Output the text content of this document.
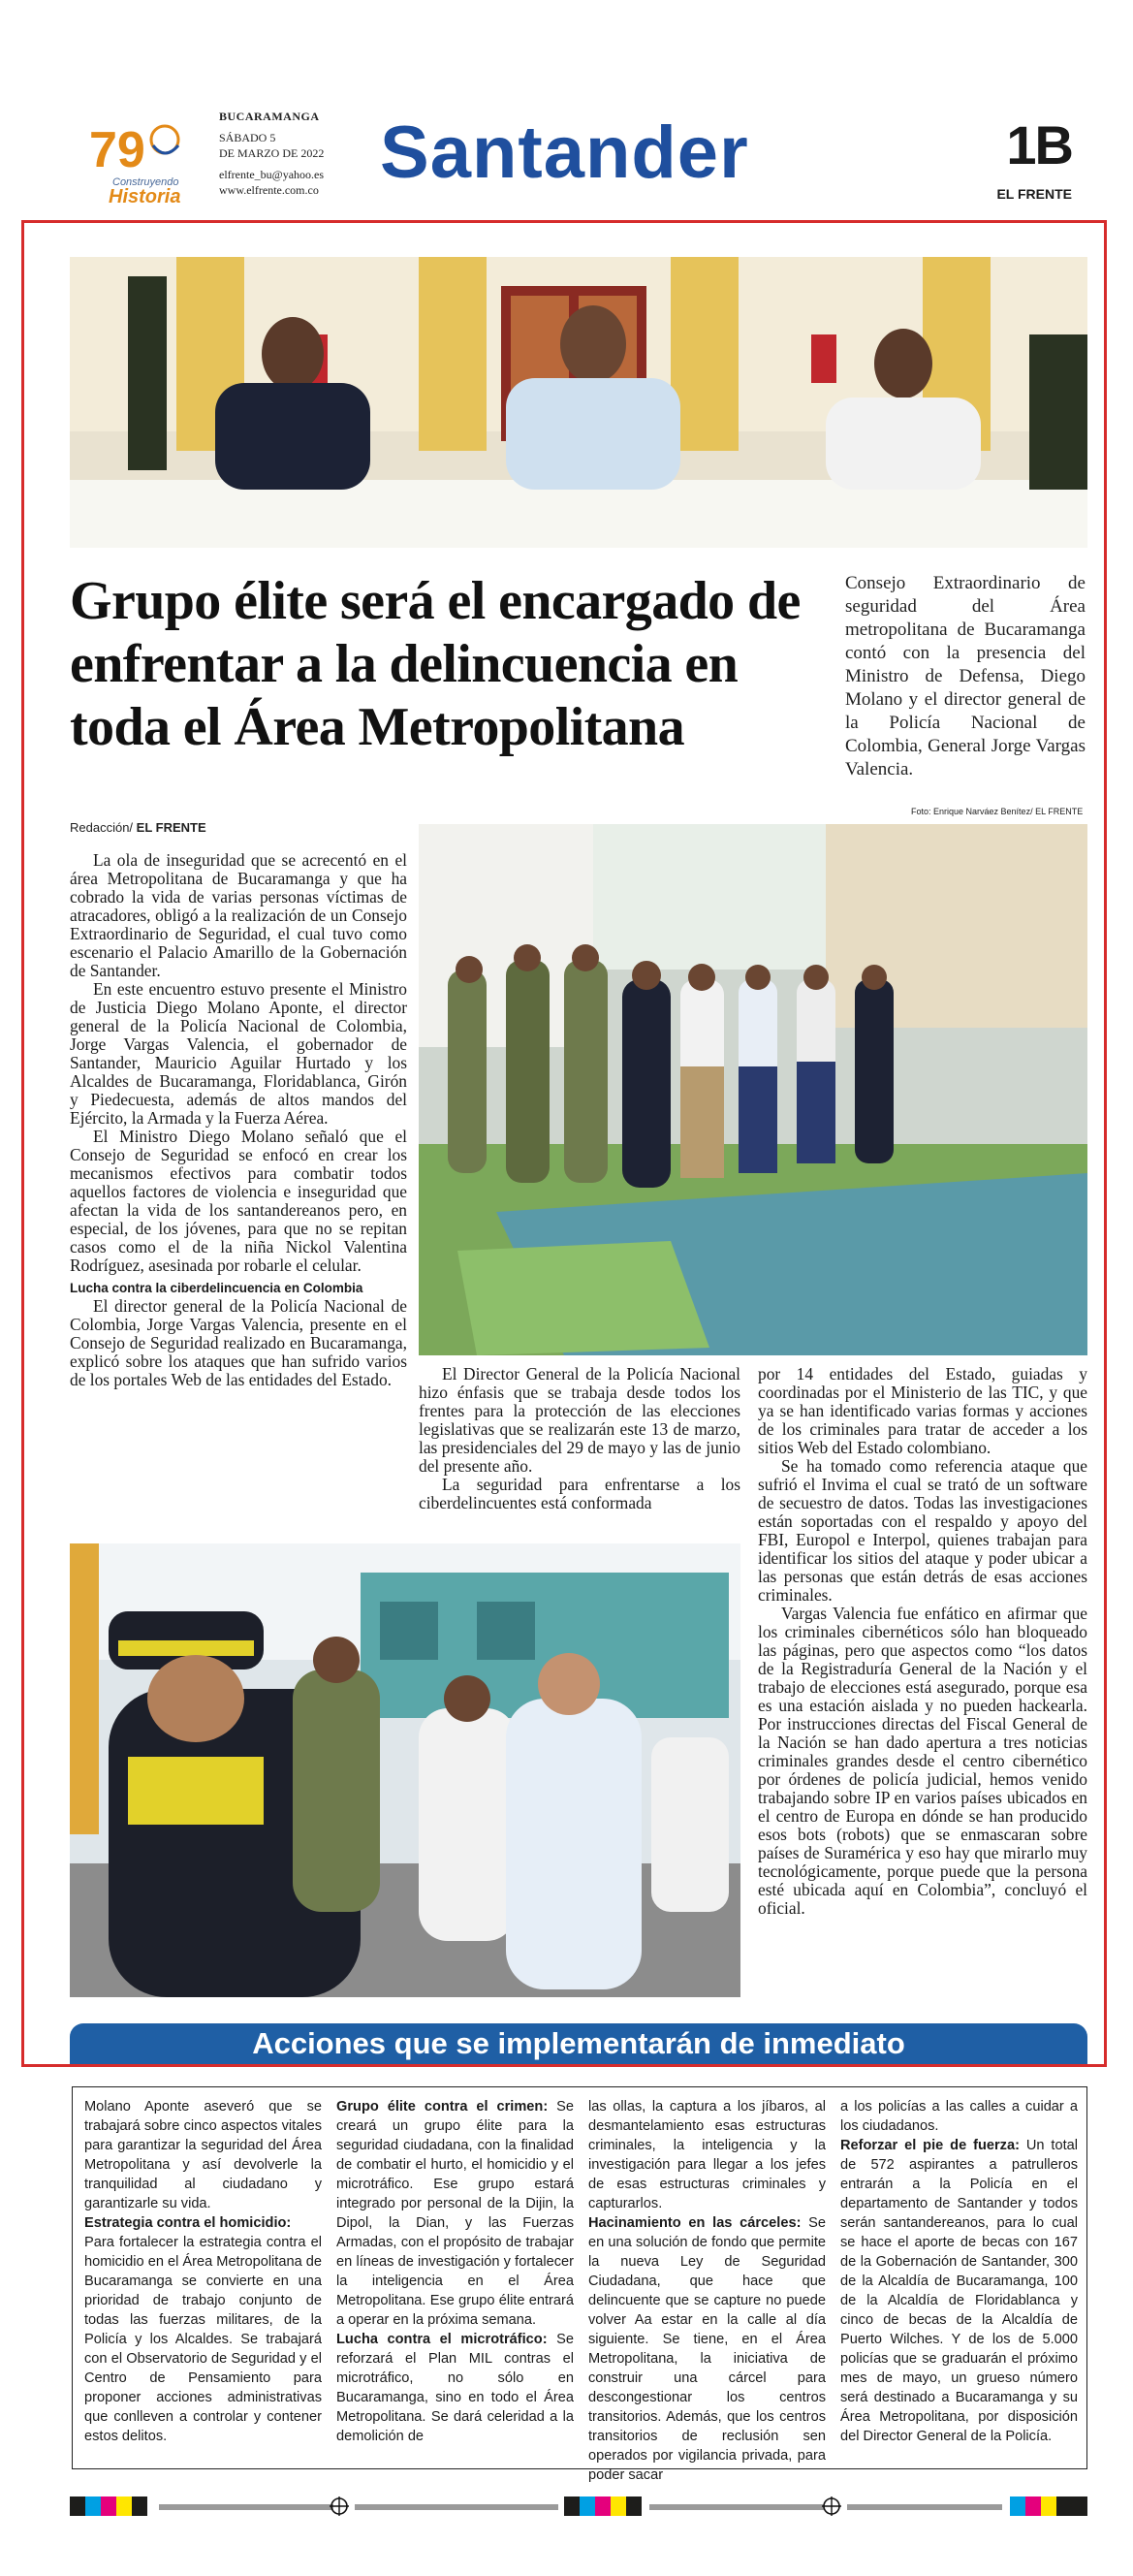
79
Construyendo
Historia
BUCARAMANGA
SÁBADO 5
DE MARZO DE 2022
elfrente_bu@yahoo.es
www.elfrente.com.co Santander	1B
EL FRENTE
Grupo élite será el encargado de enfrentar a la delincuencia en toda el Área Metropolitana
Consejo Extraordinario de seguridad del Área metropolitana de Bucaramanga contó con la presencia del Ministro de Defensa, Diego Molano y el director general de la Policía Nacional de Colombia, General Jorge Vargas Valencia.
Foto: Enrique Narváez Benítez/ EL FRENTE
Redacción/ EL FRENTE

La ola de inseguridad que se acrecentó en el área Metropolitana de Bucaramanga y que ha cobrado la vida de varias personas víctimas de atracadores, obligó a la realización de un Consejo Extraordinario de Seguridad, el cual tuvo como escenario el Palacio Amarillo de la Gobernación de Santander.

En este encuentro estuvo presente el Ministro de Justicia Diego Molano Aponte, el director general de la Policía Nacional de Colombia, Jorge Vargas Valencia, el gobernador de Santander, Mauricio Aguilar Hurtado y los Alcaldes de Bucaramanga, Floridablanca, Girón y Piedecuesta, además de altos mandos del Ejército, la Armada y la Fuerza Aérea.

El Ministro Diego Molano señaló que el Consejo de Seguridad se enfocó en crear los mecanismos efectivos para combatir todos aquellos factores de violencia e inseguridad que afectan la vida de los santandereanos pero, en especial, de los jóvenes, para que no se repitan casos como el de la niña Nickol Valentina Rodríguez, asesinada por robarle el celular.

Lucha contra la ciberdelincuencia en Colombia

El director general de la Policía Nacional de Colombia, Jorge Vargas Valencia, presente en el Consejo de Seguridad realizado en Bucaramanga, explicó sobre los ataques que han sufrido varios de los portales Web de las entidades del Estado.	El Director General de la Policía Nacional hizo énfasis que se trabaja desde todos los frentes para la protección de las elecciones legislativas que se realizarán este 13 de marzo, las presidenciales del 29 de mayo y las de junio del presente año.

La seguridad para enfrentarse a los ciberdelincuentes está conformada

por 14 entidades del Estado, guiadas y coordinadas por el Ministerio de las TIC, y que ya se han identificado varias formas y acciones de los criminales para tratar de acceder a los sitios Web del Estado colombiano.

Se ha tomado como referencia ataque que sufrió el Invima el cual se trató de un software de secuestro de datos. Todas las investigaciones están soportadas con el respaldo y apoyo del FBI, Europol e Interpol, quienes trabajan para identificar los sitios del ataque y poder ubicar a las personas que están detrás de esas acciones criminales.

Vargas Valencia fue enfático en afirmar que los criminales cibernéticos sólo han bloqueado las páginas, pero que aspectos como “los datos de la Registraduría General de la Nación y el trabajo de elecciones está asegurado, porque esa es una estación aislada y no pueden hackearla. Por instrucciones directas del Fiscal General de la Nación se han dado apertura a tres noticias criminales grandes desde el centro cibernético por órdenes de policía judicial, hemos venido trabajando sobre IP en varios países ubicados en el centro de Europa en dónde se han producido esos bots (robots) que se enmascaran sobre países de Suramérica y eso hay que mirarlo muy tecnológicamente, porque puede que la persona esté ubicada aquí en Colombia”, concluyó el oficial.

Acciones que se implementarán de inmediato
Molano Aponte aseveró que se trabajará sobre cinco aspectos vitales para garantizar la seguridad del Área Metropolitana y así devolverle la tranquilidad al ciudadano y garantizarle su vida.
Estrategia contra el homicidio:
Para fortalecer la estrategia contra el homicidio en el Área Metropolitana de Bucaramanga se convierte en una prioridad de trabajo conjunto de todas las fuerzas militares, de la Policía y los Alcaldes. Se trabajará con el Observatorio de Seguridad y el Centro de Pensamiento para proponer acciones administrativas que conlleven a controlar y contener estos delitos.
Grupo élite contra el crimen: Se creará un grupo élite para la seguridad ciudadana, con la finalidad de combatir el hurto, el homicidio y el microtráfico. Ese grupo estará integrado por personal de la Dijin, la Dipol, la Dian, y las Fuerzas Armadas, con el propósito de trabajar en líneas de investigación y fortalecer la inteligencia en el Área Metropolitana. Ese grupo élite entrará a operar en la próxima semana.
Lucha contra el microtráfico: Se reforzará el Plan MIL contras el microtráfico, no sólo en Bucaramanga, sino en todo el Área Metropolitana. Se dará celeridad a la demolición de
las ollas, la captura a los jíbaros, al desmantelamiento esas estructuras criminales, la inteligencia y la investigación para llegar a los jefes de esas estructuras criminales y capturarlos.
Hacinamiento en las cárceles: Se en una solución de fondo que permite la nueva Ley de Seguridad Ciudadana, que hace que delincuente que se capture no puede volver Aa estar en la calle al día siguiente. Se tiene, en el Área Metropolitana, la iniciativa de construir una cárcel para descongestionar los centros transitorios. Además, que los centros transitorios de reclusión sen operados por vigilancia privada, para poder sacar
a los policías a las calles a cuidar a los ciudadanos.
Reforzar el pie de fuerza: Un total de 572 aspirantes a patrulleros entrarán a la Policía en el departamento de Santander y todos serán santandereanos, para lo cual se hace el aporte de becas con 167 de la Gobernación de Santander, 300 de la Alcaldía de Bucaramanga, 100 de la Alcaldía de Floridablanca y cinco de becas de la Alcaldía de Puerto Wilches. Y de los de 5.000 policías que se graduarán el próximo mes de mayo, un grueso número será destinado a Bucaramanga y su Área Metropolitana, por disposición del Director General de la Policía.
